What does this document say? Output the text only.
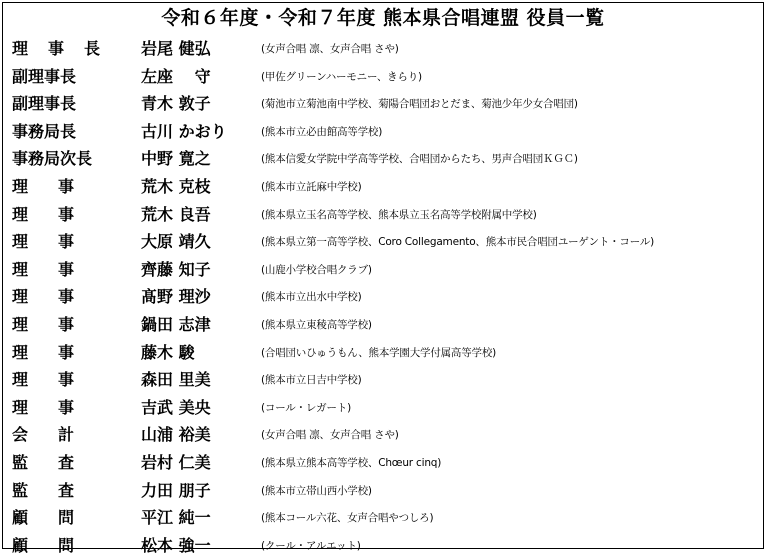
令和６年度・令和７年度 熊本県合唱連盟 役員一覧
理 事 長	岩尾 健弘	(女声合唱 凛、女声合唱 さや)
副理事長	左座　 守	(甲佐グリーンハーモニー、きらり)
副理事長	青木 敦子	(菊池市立菊池南中学校、菊陽合唱団おとだま、菊池少年少女合唱団)
事務局長	古川 かおり	(熊本市立必由館高等学校)
事務局次長	中野 寛之	(熊本信愛女学院中学高等学校、合唱団からたち、男声合唱団ＫＧＣ)
理 事	荒木 克枝	(熊本市立託麻中学校)
理 事	荒木 良吾	(熊本県立玉名高等学校、熊本県立玉名高等学校附属中学校)
理 事	大原 靖久	(熊本県立第一高等学校、Coro Collegamento、熊本市民合唱団ユーゲント・コール)
理 事	齊藤 知子	(山鹿小学校合唱クラブ)
理 事	髙野 理沙	(熊本市立出水中学校)
理 事	鍋田 志津	(熊本県立東稜高等学校)
理 事	藤木 駿	(合唱団いひゅうもん、熊本学園大学付属高等学校)
理 事	森田 里美	(熊本市立日吉中学校)
理 事	吉武 美央	(コール・レガート)
会 計	山浦 裕美	(女声合唱 凛、女声合唱 さや)
監 査	岩村 仁美	(熊本県立熊本高等学校、Chœur cinq)
監 査	力田 朋子	(熊本市立帯山西小学校)
顧 問	平江 純一	(熊本コール六花、女声合唱やつしろ)
顧 問	松本 強一	(クール・アルエット)
